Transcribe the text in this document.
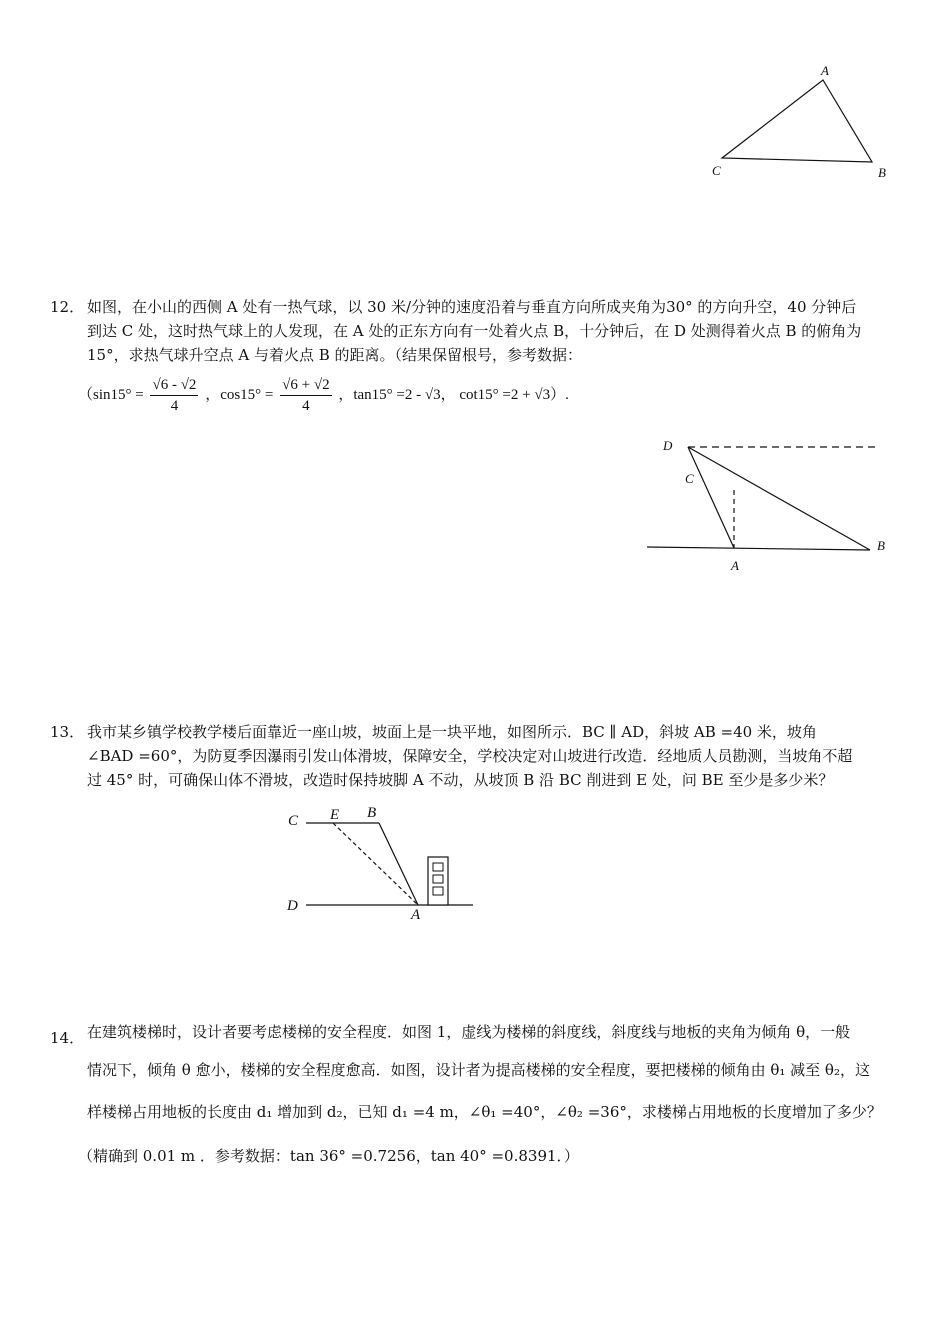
A
B
C
12． 如图，在小山的西侧 A 处有一热气球，以 30 米/分钟的速度沿着与垂直方向所成夹角为30° 的方向升空，40 分钟后
到达 C 处，这时热气球上的人发现，在 A 处的正东方向有一处着火点 B，十分钟后，在 D 处测得着火点 B 的俯角为
15°，求热气球升空点 A 与着火点 B 的距离。（结果保留根号，参考数据：
（$\sin 15^\circ = \frac{√6 - √2}{4}$ ，$\cos 15^\circ = \frac{√6 + √2}{4}$ ，tan15° =2 - √3， cot15° =2 + √3）.
D
C
A
B
13． 我市某乡镇学校教学楼后面靠近一座山坡，坡面上是一块平地，如图所示．BC ∥ AD，斜坡 AB =40 米，坡角
∠BAD =60°，为防夏季因瀑雨引发山体滑坡，保障安全，学校决定对山坡进行改造．经地质人员勘测，当坡角不超
过 45° 时，可确保山体不滑坡，改造时保持坡脚 A 不动，从坡顶 B 沿 BC 削进到 E 处，问 BE 至少是多少米？
C E B
D
A
14． 在建筑楼梯时，设计者要考虑楼梯的安全程度．如图 1，虚线为楼梯的斜度线，斜度线与地板的夹角为倾角 θ，一般
情况下，倾角 θ 愈小，楼梯的安全程度愈高．如图，设计者为提高楼梯的安全程度，要把楼梯的倾角由 θ₁ 减至 θ₂，这
样楼梯占用地板的长度由 d₁ 增加到 d₂，已知 d₁ =4 m，∠θ₁ =40°，∠θ₂ =36°，求楼梯占用地板的长度增加了多少？
（精确到 0.01 m ．参考数据：tan 36° =0.7256，tan 40° =0.8391．）
